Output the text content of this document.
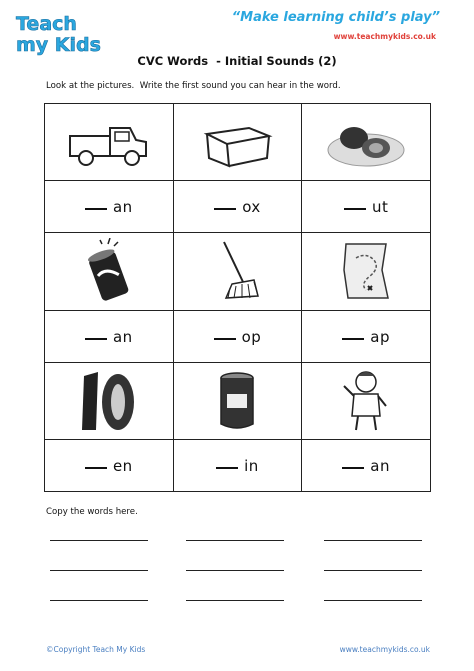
Teach
my Kids
“Make learning child’s play”
www.teachmykids.co.uk
CVC Words  - Initial Sounds (2)
Look at the pictures.  Write the first sound you can hear in the word.

an	ox	ut

an	op	ap

en	in	an
Copy the words here.
©Copyright Teach My Kids	www.teachmykids.co.uk
